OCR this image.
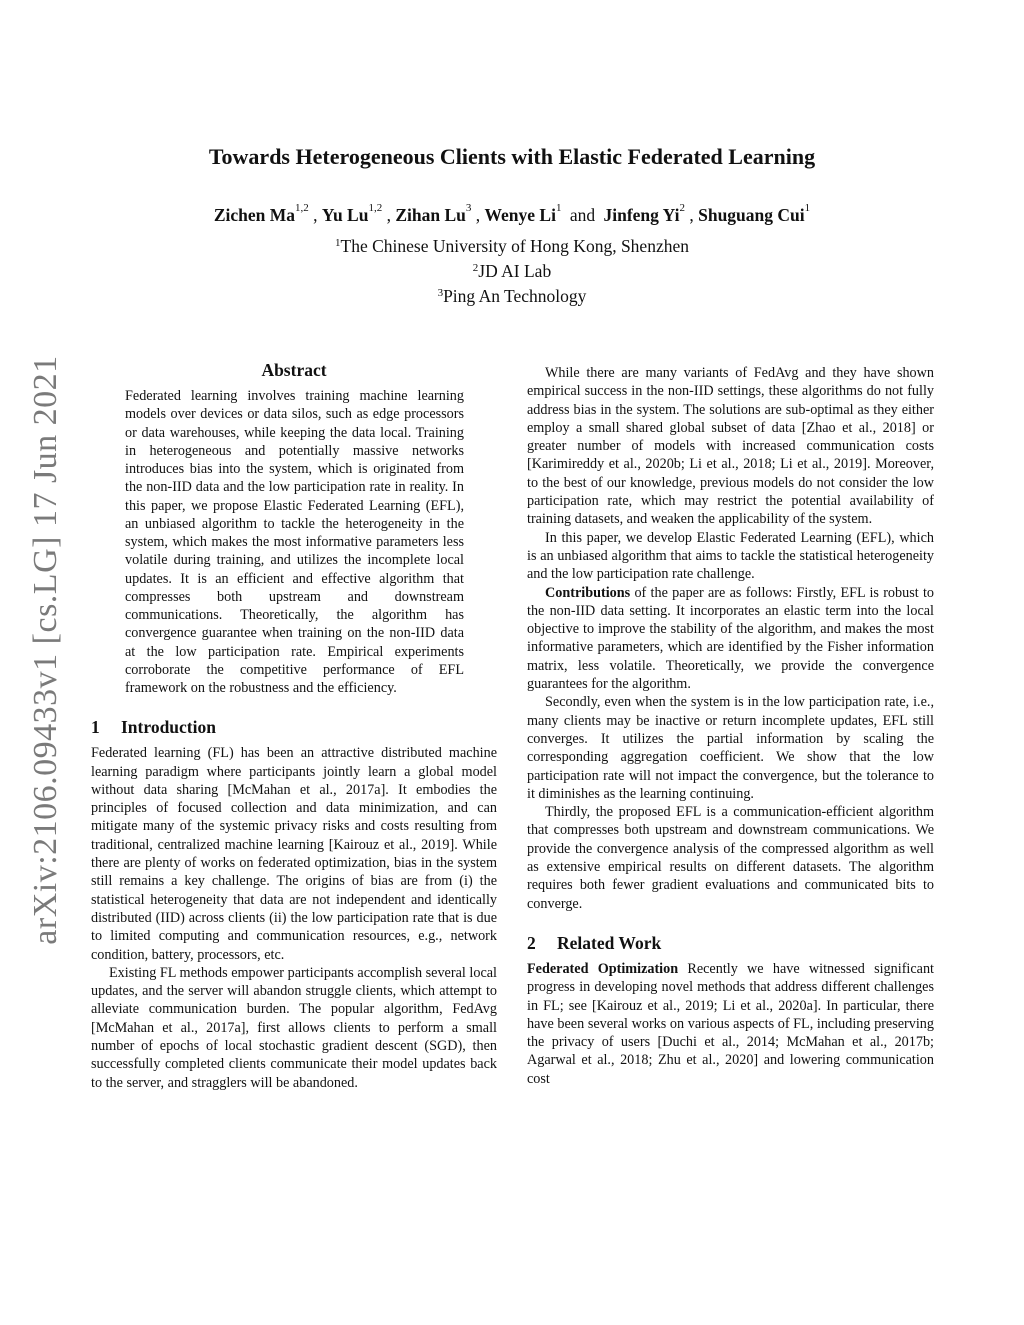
arXiv:2106.09433v1 [cs.LG] 17 Jun 2021
Towards Heterogeneous Clients with Elastic Federated Learning
Zichen Ma$^{1,2}$ , Yu Lu$^{1,2}$ , Zihan Lu$^3$ , Wenye Li$^1$ and Jinfeng Yi$^2$ , Shuguang Cui$^1$
$^1$The Chinese University of Hong Kong, Shenzhen
$^2$JD AI Lab
$^3$Ping An Technology
Abstract
Federated learning involves training machine learning models over devices or data silos, such as edge processors or data warehouses, while keeping the data local. Training in heterogeneous and potentially massive networks introduces bias into the system, which is originated from the non-IID data and the low participation rate in reality. In this paper, we propose Elastic Federated Learning (EFL), an unbiased algorithm to tackle the heterogeneity in the system, which makes the most informative parameters less volatile during training, and utilizes the incomplete local updates. It is an efficient and effective algorithm that compresses both upstream and downstream communications. Theoretically, the algorithm has convergence guarantee when training on the non-IID data at the low participation rate. Empirical experiments corroborate the competitive performance of EFL framework on the robustness and the efficiency.
1 Introduction

Federated learning (FL) has been an attractive distributed machine learning paradigm where participants jointly learn a global model without data sharing [McMahan et al., 2017a]. It embodies the principles of focused collection and data minimization, and can mitigate many of the systemic privacy risks and costs resulting from traditional, centralized machine learning [Kairouz et al., 2019]. While there are plenty of works on federated optimization, bias in the system still remains a key challenge. The origins of bias are from (i) the statistical heterogeneity that data are not independent and identically distributed (IID) across clients (ii) the low participation rate that is due to limited computing and communication resources, e.g., network condition, battery, processors, etc.

Existing FL methods empower participants accomplish several local updates, and the server will abandon struggle clients, which attempt to alleviate communication burden. The popular algorithm, FedAvg [McMahan et al., 2017a], first allows clients to perform a small number of epochs of local stochastic gradient descent (SGD), then successfully completed clients communicate their model updates back to the server, and stragglers will be abandoned.

While there are many variants of FedAvg and they have shown empirical success in the non-IID settings, these algorithms do not fully address bias in the system. The solutions are sub-optimal as they either employ a small shared global subset of data [Zhao et al., 2018] or greater number of models with increased communication costs [Karimireddy et al., 2020b; Li et al., 2018; Li et al., 2019]. Moreover, to the best of our knowledge, previous models do not consider the low participation rate, which may restrict the potential availability of training datasets, and weaken the applicability of the system.

In this paper, we develop Elastic Federated Learning (EFL), which is an unbiased algorithm that aims to tackle the statistical heterogeneity and the low participation rate challenge.

Contributions of the paper are as follows: Firstly, EFL is robust to the non-IID data setting. It incorporates an elastic term into the local objective to improve the stability of the algorithm, and makes the most informative parameters, which are identified by the Fisher information matrix, less volatile. Theoretically, we provide the convergence guarantees for the algorithm.

Secondly, even when the system is in the low participation rate, i.e., many clients may be inactive or return incomplete updates, EFL still converges. It utilizes the partial information by scaling the corresponding aggregation coefficient. We show that the low participation rate will not impact the convergence, but the tolerance to it diminishes as the learning continuing.

Thirdly, the proposed EFL is a communication-efficient algorithm that compresses both upstream and downstream communications. We provide the convergence analysis of the compressed algorithm as well as extensive empirical results on different datasets. The algorithm requires both fewer gradient evaluations and communicated bits to converge.

2 Related Work

Federated Optimization Recently we have witnessed significant progress in developing novel methods that address different challenges in FL; see [Kairouz et al., 2019; Li et al., 2020a]. In particular, there have been several works on various aspects of FL, including preserving the privacy of users [Duchi et al., 2014; McMahan et al., 2017b; Agarwal et al., 2018; Zhu et al., 2020] and lowering communication cost
